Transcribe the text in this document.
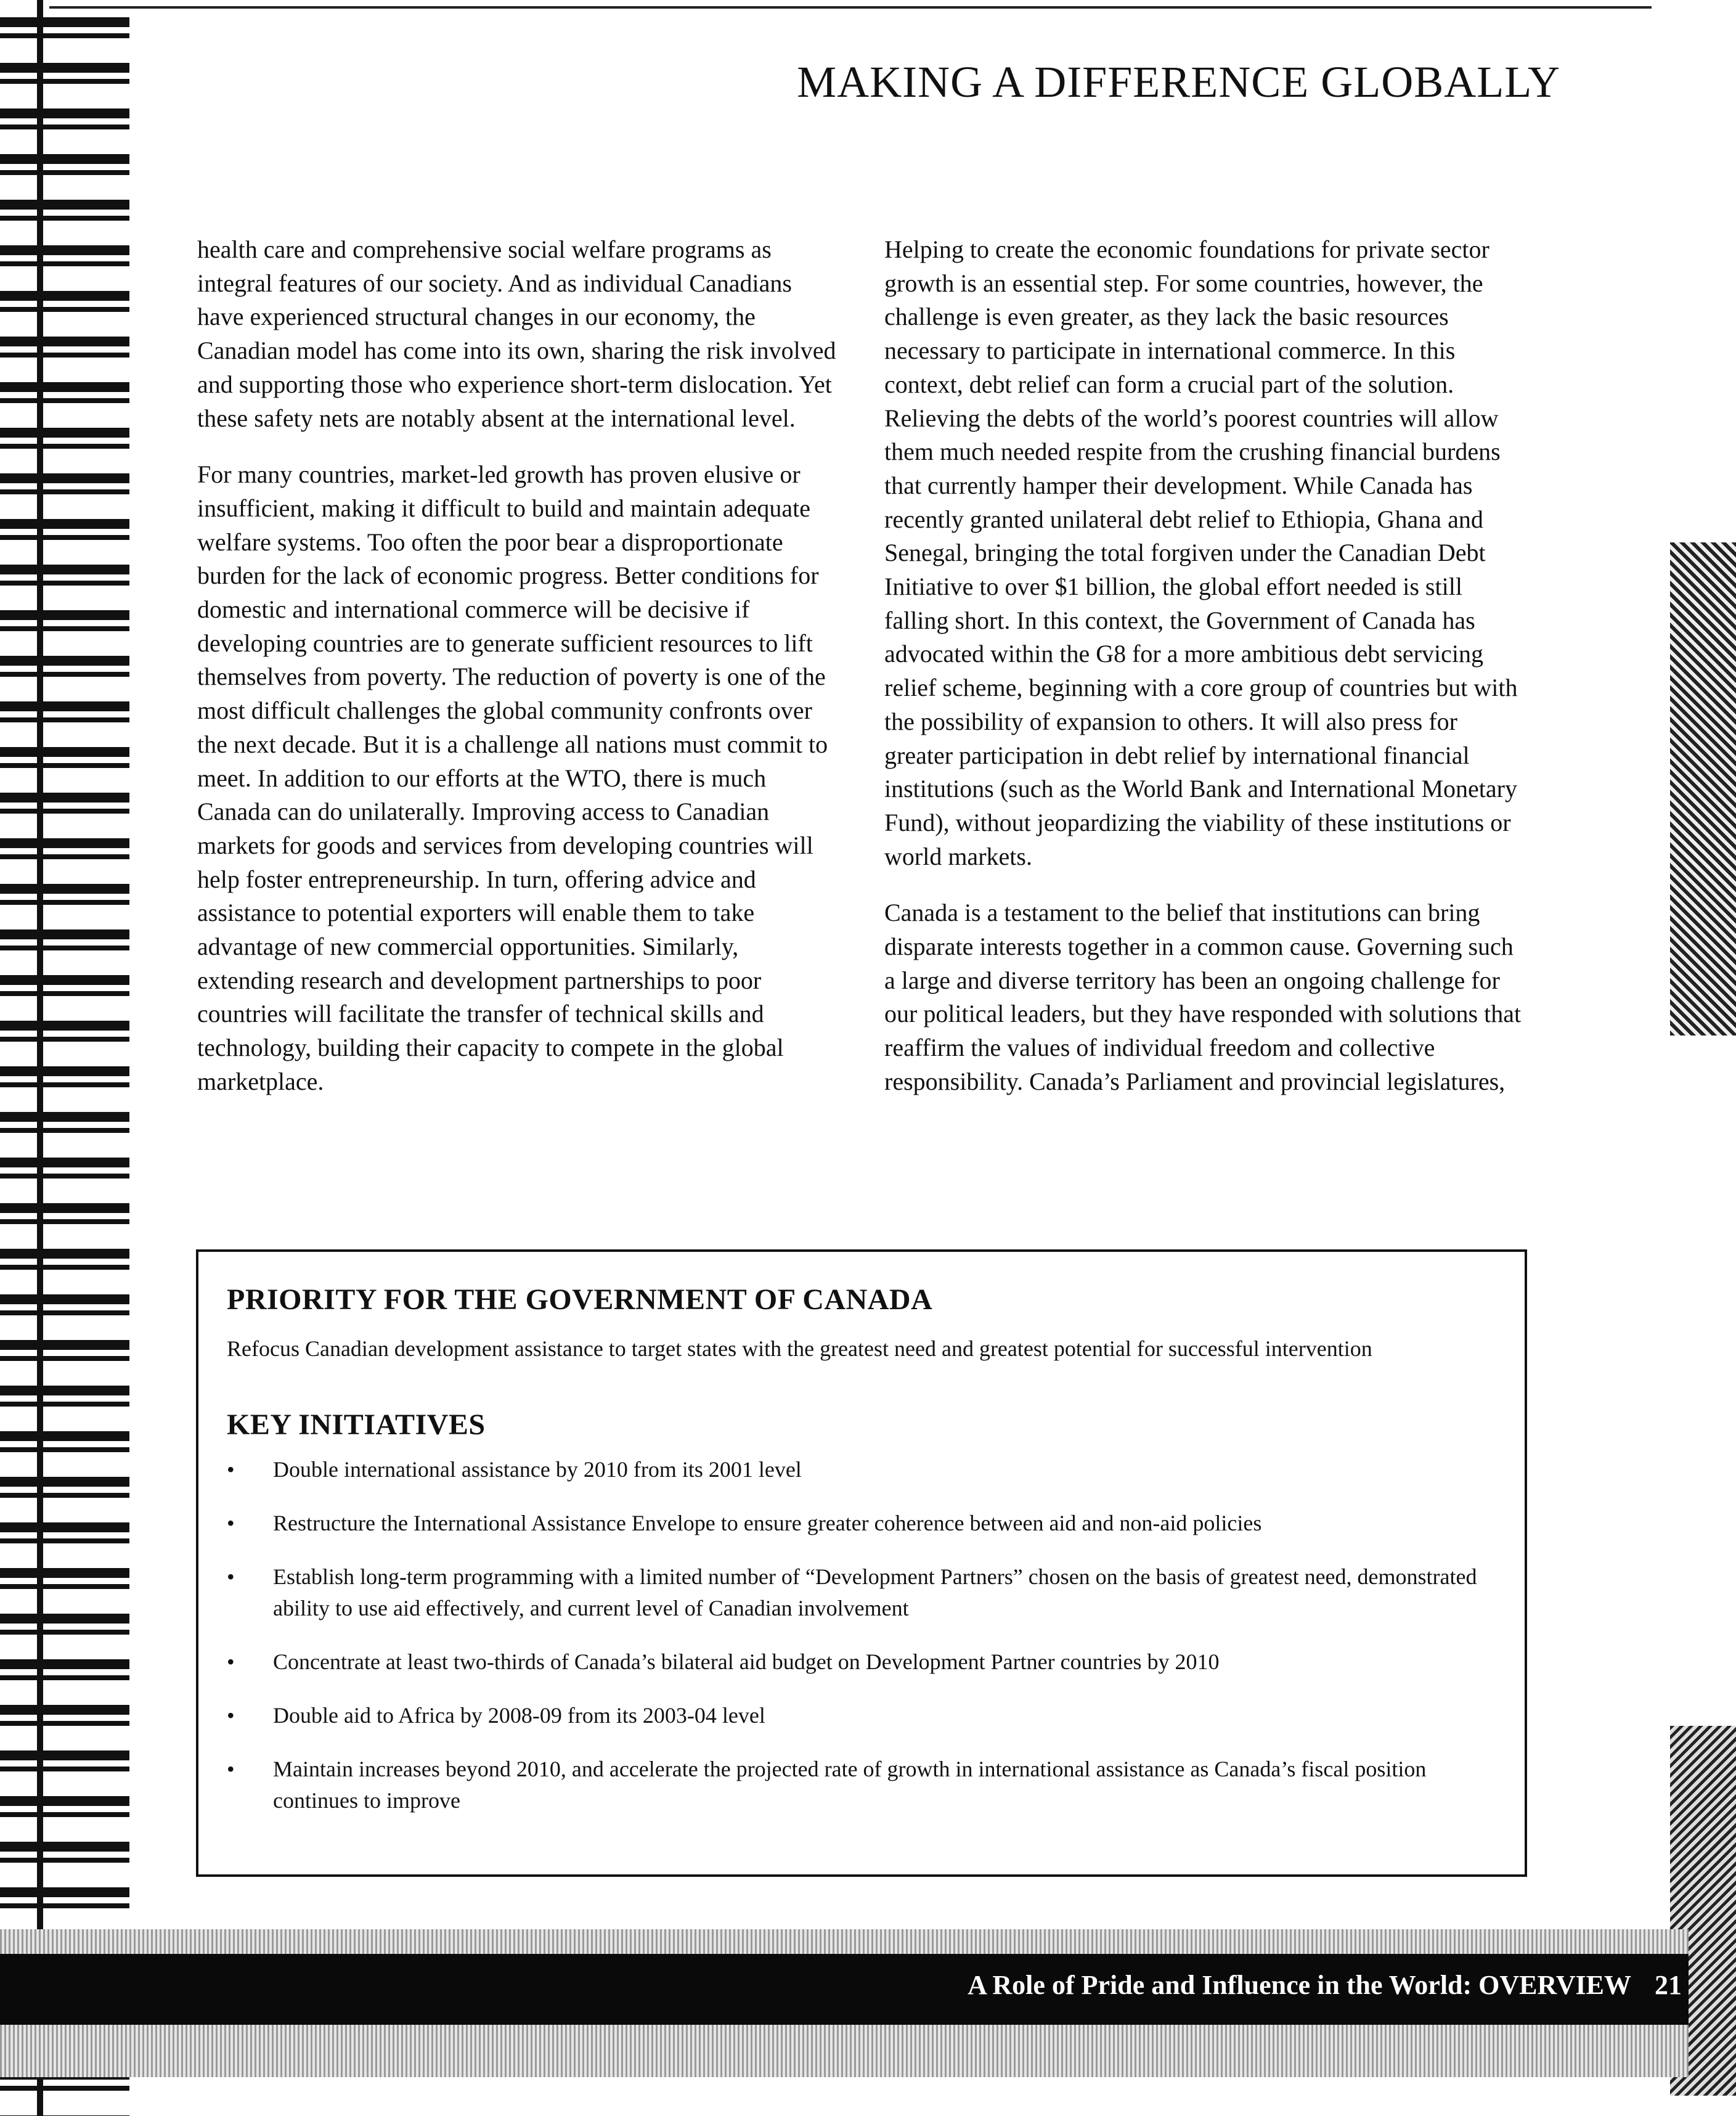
MAKING A DIFFERENCE GLOBALLY

health care and comprehensive social welfare programs as integral features of our society. And as individual Canadians have experienced structural changes in our economy, the Canadian model has come into its own, sharing the risk involved and supporting those who experience short-term dislocation. Yet these safety nets are notably absent at the international level.

For many countries, market-led growth has proven elusive or insufficient, making it difficult to build and maintain adequate welfare systems. Too often the poor bear a disproportionate burden for the lack of economic progress. Better conditions for domestic and international commerce will be decisive if developing countries are to generate sufficient resources to lift themselves from poverty. The reduction of poverty is one of the most difficult challenges the global community confronts over the next decade. But it is a challenge all nations must commit to meet. In addition to our efforts at the WTO, there is much Canada can do unilaterally. Improving access to Canadian markets for goods and services from developing countries will help foster entrepreneurship. In turn, offering advice and assistance to potential exporters will enable them to take advantage of new commercial opportunities. Similarly, extending research and development partnerships to poor countries will facilitate the transfer of technical skills and technology, building their capacity to compete in the global marketplace.

Helping to create the economic foundations for private sector growth is an essential step. For some countries, however, the challenge is even greater, as they lack the basic resources necessary to participate in international commerce. In this context, debt relief can form a crucial part of the solution. Relieving the debts of the world’s poorest countries will allow them much needed respite from the crushing financial burdens that currently hamper their development. While Canada has recently granted unilateral debt relief to Ethiopia, Ghana and Senegal, bringing the total forgiven under the Canadian Debt Initiative to over $1 billion, the global effort needed is still falling short. In this context, the Government of Canada has advocated within the G8 for a more ambitious debt servicing relief scheme, beginning with a core group of countries but with the possibility of expansion to others. It will also press for greater participation in debt relief by international financial institutions (such as the World Bank and International Monetary Fund), without jeopardizing the viability of these institutions or world markets.

Canada is a testament to the belief that institutions can bring disparate interests together in a common cause. Governing such a large and diverse territory has been an ongoing challenge for our political leaders, but they have responded with solutions that reaffirm the values of individual freedom and collective responsibility. Canada’s Parliament and provincial legislatures,

PRIORITY FOR THE GOVERNMENT OF CANADA

Refocus Canadian development assistance to target states with the greatest need and greatest potential for successful intervention

KEY INITIATIVES
•	Double international assistance by 2010 from its 2001 level
•	Restructure the International Assistance Envelope to ensure greater coherence between aid and non-aid policies
•	Establish long-term programming with a limited number of “Development Partners” chosen on the basis of greatest need, demonstrated ability to use aid effectively, and current level of Canadian involvement
•	Concentrate at least two-thirds of Canada’s bilateral aid budget on Development Partner countries by 2010
•	Double aid to Africa by 2008-09 from its 2003-04 level
•	Maintain increases beyond 2010, and accelerate the projected rate of growth in international assistance as Canada’s fiscal position continues to improve
A Role of Pride and Influence in the World: OVERVIEW 21
